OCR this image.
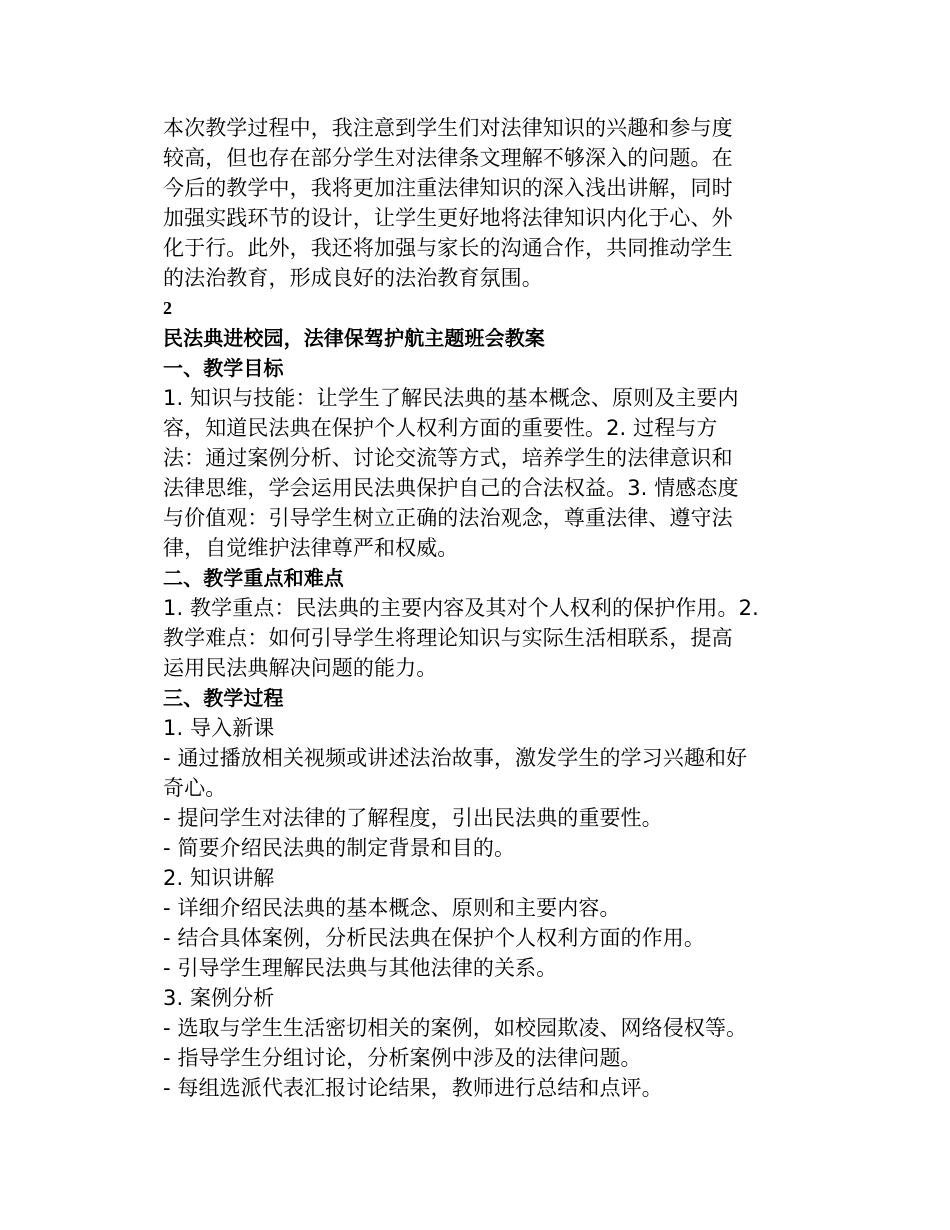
本次教学过程中，我注意到学生们对法律知识的兴趣和参与度
较高，但也存在部分学生对法律条文理解不够深入的问题。在
今后的教学中，我将更加注重法律知识的深入浅出讲解，同时
加强实践环节的设计，让学生更好地将法律知识内化于心、外
化于行。此外，我还将加强与家长的沟通合作，共同推动学生
的法治教育，形成良好的法治教育氛围。
2
民法典进校园，法律保驾护航主题班会教案
一、教学目标
1. 知识与技能：让学生了解民法典的基本概念、原则及主要内
容，知道民法典在保护个人权利方面的重要性。2. 过程与方
法：通过案例分析、讨论交流等方式，培养学生的法律意识和
法律思维，学会运用民法典保护自己的合法权益。3. 情感态度
与价值观：引导学生树立正确的法治观念，尊重法律、遵守法
律，自觉维护法律尊严和权威。
二、教学重点和难点
1. 教学重点：民法典的主要内容及其对个人权利的保护作用。2.
教学难点：如何引导学生将理论知识与实际生活相联系，提高
运用民法典解决问题的能力。
三、教学过程
1. 导入新课
- 通过播放相关视频或讲述法治故事，激发学生的学习兴趣和好
奇心。
- 提问学生对法律的了解程度，引出民法典的重要性。
- 简要介绍民法典的制定背景和目的。
2. 知识讲解
- 详细介绍民法典的基本概念、原则和主要内容。
- 结合具体案例，分析民法典在保护个人权利方面的作用。
- 引导学生理解民法典与其他法律的关系。
3. 案例分析
- 选取与学生生活密切相关的案例，如校园欺凌、网络侵权等。
- 指导学生分组讨论，分析案例中涉及的法律问题。
- 每组选派代表汇报讨论结果，教师进行总结和点评。
